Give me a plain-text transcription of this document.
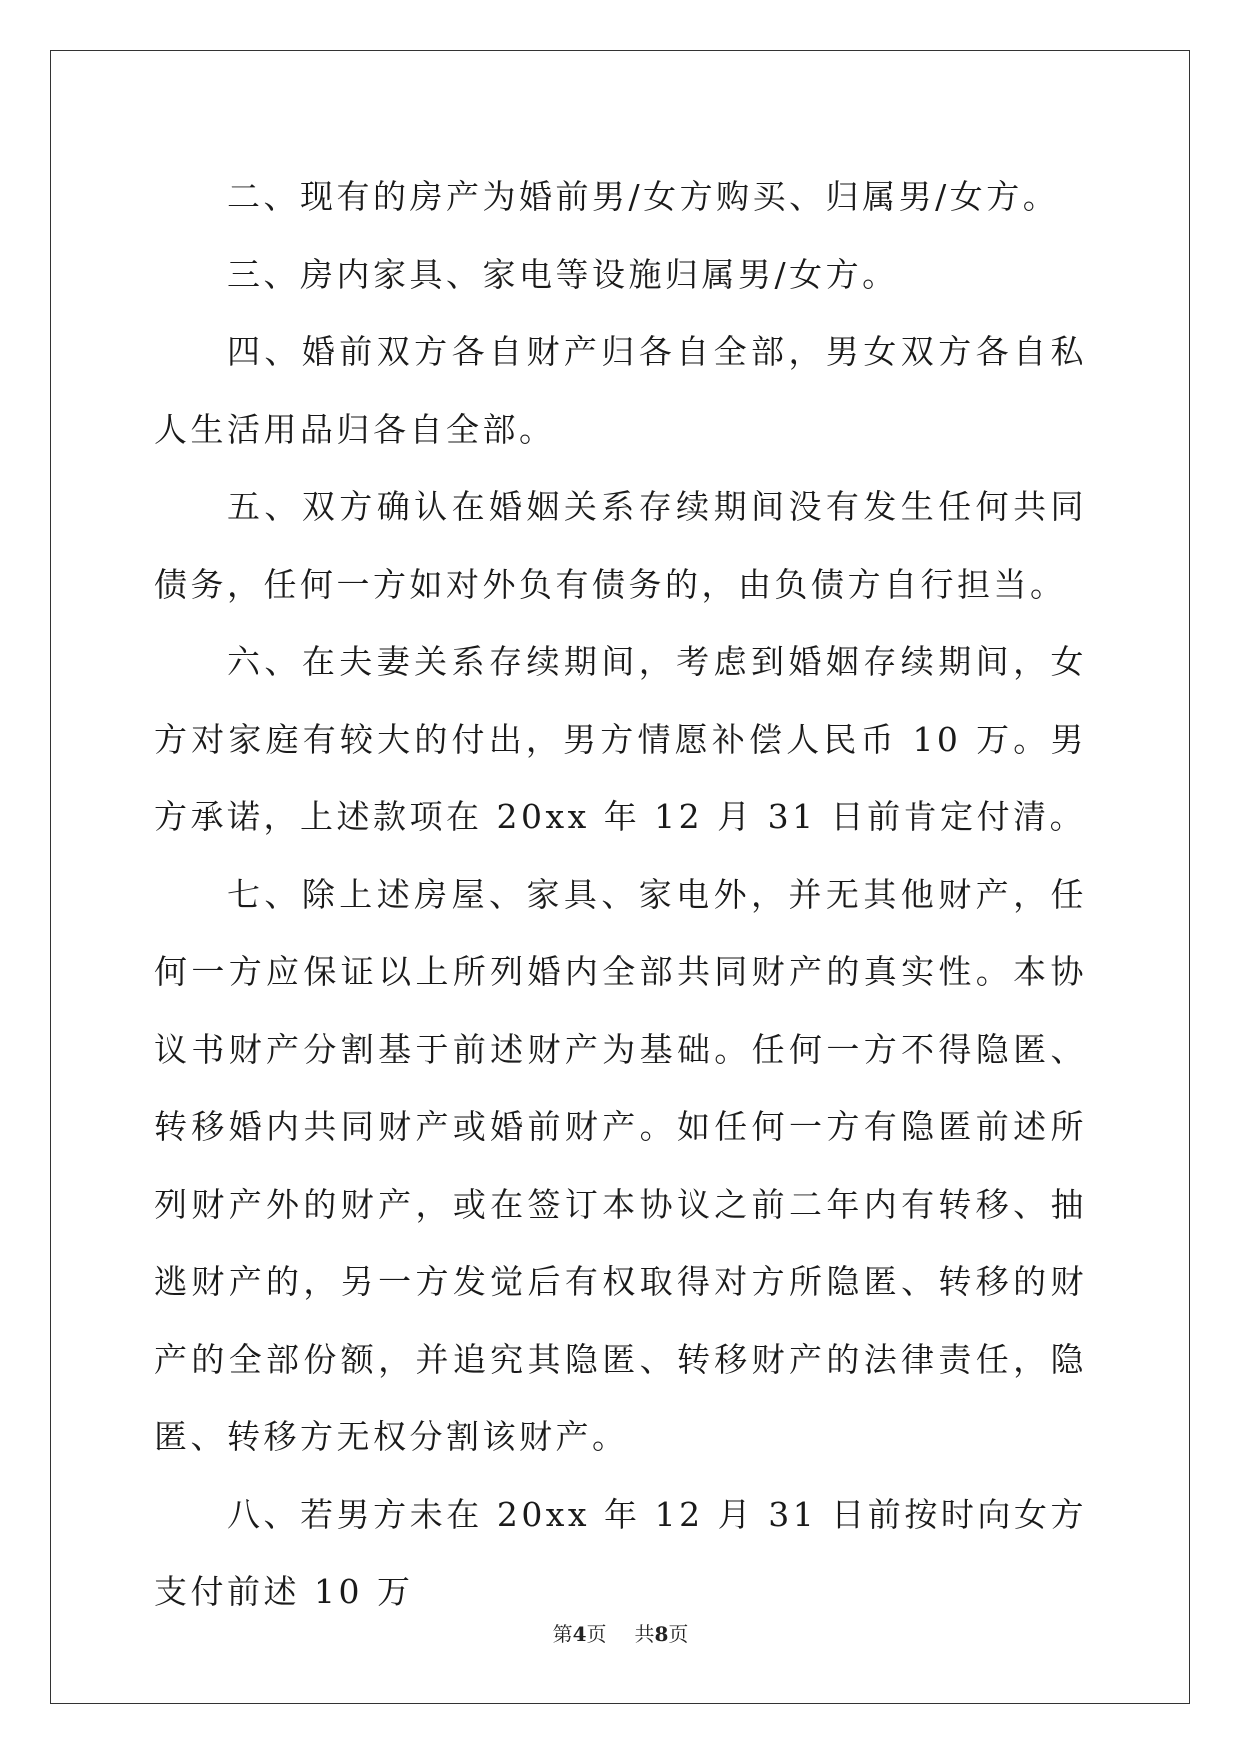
二、现有的房产为婚前男/女方购买、归属男/女方。

三、房内家具、家电等设施归属男/女方。

四、婚前双方各自财产归各自全部，男女双方各自私人生活用品归各自全部。

五、双方确认在婚姻关系存续期间没有发生任何共同债务，任何一方如对外负有债务的，由负债方自行担当。

六、在夫妻关系存续期间，考虑到婚姻存续期间，女方对家庭有较大的付出，男方情愿补偿人民币 10 万。男方承诺，上述款项在 20xx 年 12 月 31 日前肯定付清。

七、除上述房屋、家具、家电外，并无其他财产，任何一方应保证以上所列婚内全部共同财产的真实性。本协议书财产分割基于前述财产为基础。任何一方不得隐匿、转移婚内共同财产或婚前财产。如任何一方有隐匿前述所列财产外的财产，或在签订本协议之前二年内有转移、抽逃财产的，另一方发觉后有权取得对方所隐匿、转移的财产的全部份额，并追究其隐匿、转移财产的法律责任，隐匿、转移方无权分割该财产。

八、若男方未在 20xx 年 12 月 31 日前按时向女方支付前述 10 万

第4页 共8页
